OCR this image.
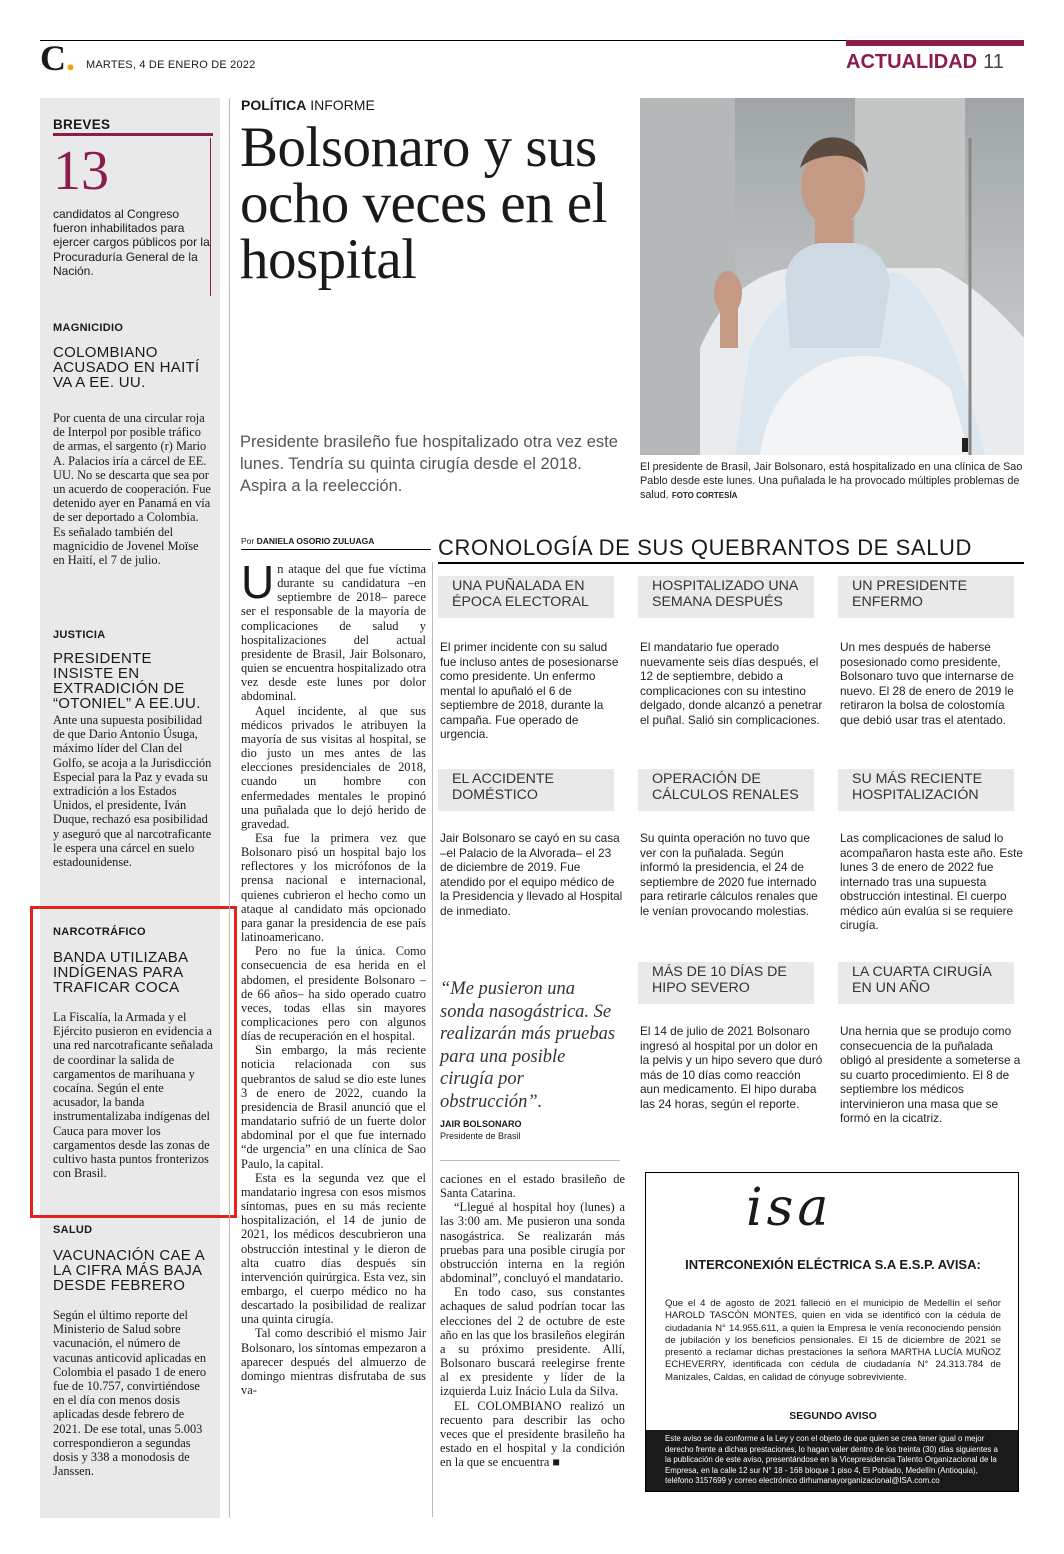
C. MARTES, 4 DE ENERO DE 2022	ACTUALIDAD 11
BREVES
13
candidatos al Congreso fueron inhabilitados para ejercer cargos públicos por la Procuraduría General de la Nación.
MAGNICIDIO
COLOMBIANO ACUSADO EN HAITÍ VA A EE. UU.
Por cuenta de una circular roja de Interpol por posible tráfico de armas, el sargento (r) Mario A. Palacios iría a cárcel de EE. UU. No se descarta que sea por un acuerdo de cooperación. Fue detenido ayer en Panamá en vía de ser deportado a Colombia. Es señalado también del magnicidio de Jovenel Moïse en Haití, el 7 de julio.
JUSTICIA
PRESIDENTE INSISTE EN EXTRADICIÓN DE “OTONIEL” A EE.UU.
Ante una supuesta posibilidad de que Dario Antonio Úsuga, máximo líder del Clan del Golfo, se acoja a la Jurisdicción Especial para la Paz y evada su extradición a los Estados Unidos, el presidente, Iván Duque, rechazó esa posibilidad y aseguró que al narcotraficante le espera una cárcel en suelo estadounidense.
NARCOTRÁFICO
BANDA UTILIZABA INDÍGENAS PARA TRAFICAR COCA
La Fiscalía, la Armada y el Ejército pusieron en evidencia a una red narcotraficante señalada de coordinar la salida de cargamentos de marihuana y cocaína. Según el ente acusador, la banda instrumentalizaba indígenas del Cauca para mover los cargamentos desde las zonas de cultivo hasta puntos fronterizos con Brasil.
SALUD
VACUNACIÓN CAE A LA CIFRA MÁS BAJA DESDE FEBRERO
Según el último reporte del Ministerio de Salud sobre vacunación, el número de vacunas anticovid aplicadas en Colombia el pasado 1 de enero fue de 10.757, convirtiéndose en el día con menos dosis aplicadas desde febrero de 2021. De ese total, unas 5.003 correspondieron a segundas dosis y 338 a monodosis de Janssen.
POLÍTICA INFORME
Bolsonaro y sus ocho veces en el hospital
Presidente brasileño fue hospitalizado otra vez este lunes. Tendría su quinta cirugía desde el 2018. Aspira a la reelección.
Por DANIELA OSORIO ZULUAGA

Un ataque del que fue víctima durante su candidatura –en septiembre de 2018– parece ser el responsable de la mayoría de complicaciones de salud y hospitalizaciones del actual presidente de Brasil, Jair Bolsonaro, quien se encuentra hospitalizado otra vez desde este lunes por dolor abdominal.

Aquel incidente, al que sus médicos privados le atribuyen la mayoría de sus visitas al hospital, se dio justo un mes antes de las elecciones presidenciales de 2018, cuando un hombre con enfermedades mentales le propinó una puñalada que lo dejó herido de gravedad.

Esa fue la primera vez que Bolsonaro pisó un hospital bajo los reflectores y los micrófonos de la prensa nacional e internacional, quienes cubrieron el hecho como un ataque al candidato más opcionado para ganar la presidencia de ese país latinoamericano.

Pero no fue la única. Como consecuencia de esa herida en el abdomen, el presidente Bolsonaro –de 66 años– ha sido operado cuatro veces, todas ellas sin mayores complicaciones pero con algunos días de recuperación en el hospital.

Sin embargo, la más reciente noticia relacionada con sus quebrantos de salud se dio este lunes 3 de enero de 2022, cuando la presidencia de Brasil anunció que el mandatario sufrió de un fuerte dolor abdominal por el que fue internado “de urgencia” en una clínica de Sao Paulo, la capital.

Esta es la segunda vez que el mandatario ingresa con esos mismos síntomas, pues en su más reciente hospitalización, el 14 de junio de 2021, los médicos descubrieron una obstrucción intestinal y le dieron de alta cuatro días después sin intervención quirúrgica. Esta vez, sin embargo, el cuerpo médico no ha descartado la posibilidad de realizar una quinta cirugía.

Tal como describió el mismo Jair Bolsonaro, los síntomas empezaron a aparecer después del almuerzo de domingo mientras disfrutaba de sus va-

caciones en el estado brasileño de Santa Catarina.

“Llegué al hospital hoy (lunes) a las 3:00 am. Me pusieron una sonda nasogástrica. Se realizarán más pruebas para una posible cirugía por obstrucción interna en la región abdominal”, concluyó el mandatario.

En todo caso, sus constantes achaques de salud podrían tocar las elecciones del 2 de octubre de este año en las que los brasileños elegirán a su próximo presidente. Allí, Bolsonaro buscará reelegirse frente al ex presidente y líder de la izquierda Luiz Inácio Lula da Silva.

EL COLOMBIANO realizó un recuento para describir las ocho veces que el presidente brasileño ha estado en el hospital y la condición en la que se encuentra ■

El presidente de Brasil, Jair Bolsonaro, está hospitalizado en una clínica de Sao Pablo desde este lunes. Una puñalada le ha provocado múltiples problemas de salud. FOTO CORTESÍA
CRONOLOGÍA DE SUS QUEBRANTOS DE SALUD
UNA PUÑALADA EN ÉPOCA ELECTORAL
El primer incidente con su salud fue incluso antes de posesionarse como presidente. Un enfermo mental lo apuñaló el 6 de septiembre de 2018, durante la campaña. Fue operado de urgencia.
HOSPITALIZADO UNA SEMANA DESPUÉS
El mandatario fue operado nuevamente seis días después, el 12 de septiembre, debido a complicaciones con su intestino delgado, donde alcanzó a penetrar el puñal. Salió sin complicaciones.
UN PRESIDENTE ENFERMO
Un mes después de haberse posesionado como presidente, Bolsonaro tuvo que internarse de nuevo. El 28 de enero de 2019 le retiraron la bolsa de colostomía que debió usar tras el atentado.
EL ACCIDENTE DOMÉSTICO
Jair Bolsonaro se cayó en su casa –el Palacio de la Alvorada– el 23 de diciembre de 2019. Fue atendido por el equipo médico de la Presidencia y llevado al Hospital de inmediato.
OPERACIÓN DE CÁLCULOS RENALES
Su quinta operación no tuvo que ver con la puñalada. Según informó la presidencia, el 24 de septiembre de 2020 fue internado para retirarle cálculos renales que le venían provocando molestias.
SU MÁS RECIENTE HOSPITALIZACIÓN
Las complicaciones de salud lo acompañaron hasta este año. Este lunes 3 de enero de 2022 fue internado tras una supuesta obstrucción intestinal. El cuerpo médico aún evalúa si se requiere cirugía.
MÁS DE 10 DÍAS DE HIPO SEVERO
El 14 de julio de 2021 Bolsonaro ingresó al hospital por un dolor en la pelvis y un hipo severo que duró más de 10 días como reacción aun medicamento. El hipo duraba las 24 horas, según el reporte.
LA CUARTA CIRUGÍA EN UN AÑO
Una hernia que se produjo como consecuencia de la puñalada obligó al presidente a someterse a su cuarto procedimiento. El 8 de septiembre los médicos intervinieron una masa que se formó en la cicatriz.
“Me pusieron una sonda nasogástrica. Se realizarán más pruebas para una posible cirugía por obstrucción”.
JAIR BOLSONARO
Presidente de Brasil
isa
INTERCONEXIÓN ELÉCTRICA S.A E.S.P. AVISA:
Que el 4 de agosto de 2021 falleció en el municipio de Medellín el señor HAROLD TASCÓN MONTES, quien en vida se identificó con la cédula de ciudadanía N° 14.955.611, a quien la Empresa le venía reconociendo pensión de jubilación y los beneficios pensionales. El 15 de diciembre de 2021 se presentó a reclamar dichas prestaciones la señora MARTHA LUCÍA MUÑOZ ECHEVERRY, identificada con cédula de ciudadanía N° 24.313.784 de Manizales, Caldas, en calidad de cónyuge sobreviviente.
SEGUNDO AVISO
Este aviso se da conforme a la Ley y con el objeto de que quien se crea tener igual o mejor derecho frente a dichas prestaciones, lo hagan valer dentro de los treinta (30) días siguientes a la publicación de este aviso, presentándose en la Vicepresidencia Talento Organizacional de la Empresa, en la calle 12 sur N° 18 - 168 bloque 1 piso 4, El Poblado, Medellín (Antioquia), teléfono 3157699 y correo electrónico dirhumanayorganizacional@ISA.com.co
